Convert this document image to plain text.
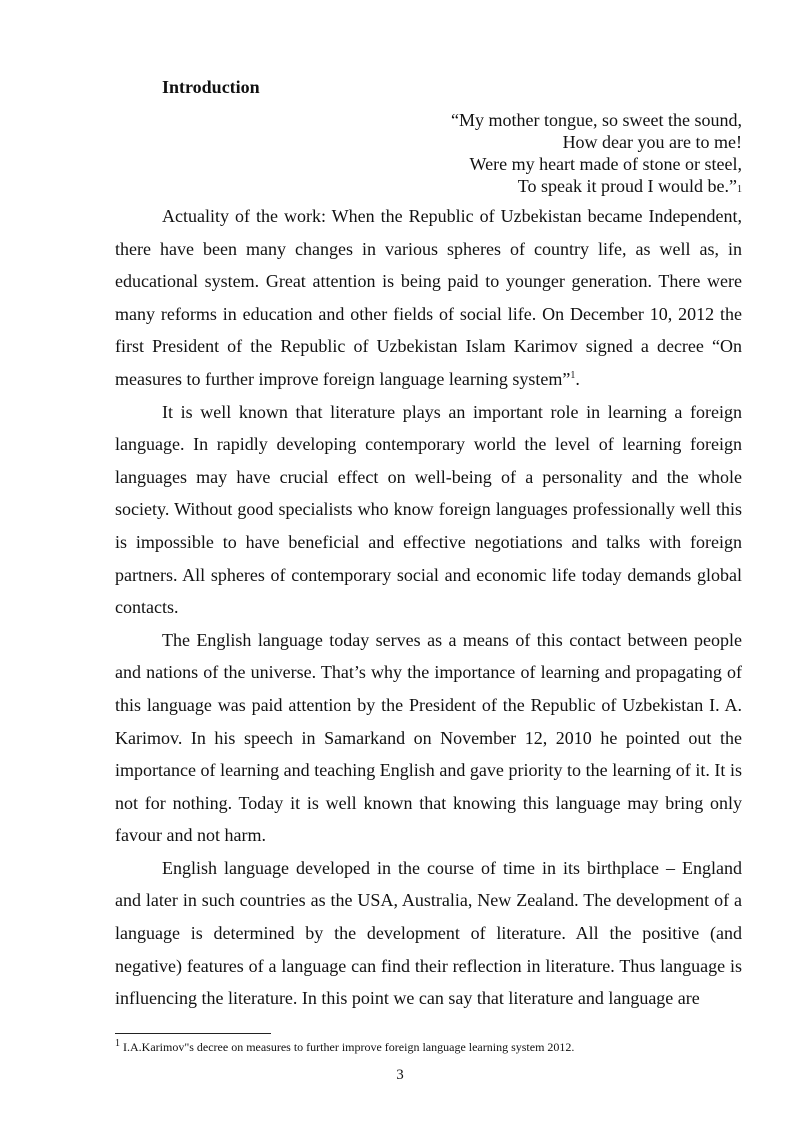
Introduction
“My mother tongue, so sweet the sound,
How dear you are to me!
Were my heart made of stone or steel,
To speak it proud I would be.”1

Actuality of the work: When the Republic of Uzbekistan became Independent, there have been many changes in various spheres of country life, as well as, in educational system. Great attention is being paid to younger generation. There were many reforms in education and other fields of social life. On December 10, 2012 the first President of the Republic of Uzbekistan Islam Karimov signed a decree “On measures to further improve foreign language learning system”$^1$.

It is well known that literature plays an important role in learning a foreign language. In rapidly developing contemporary world the level of learning foreign languages may have crucial effect on well-being of a personality and the whole society. Without good specialists who know foreign languages professionally well this is impossible to have beneficial and effective negotiations and talks with foreign partners. All spheres of contemporary social and economic life today demands global contacts.

The English language today serves as a means of this contact between people and nations of the universe. That’s why the importance of learning and propagating of this language was paid attention by the President of the Republic of Uzbekistan I. A. Karimov. In his speech in Samarkand on November 12, 2010 he pointed out the importance of learning and teaching English and gave priority to the learning of it. It is not for nothing. Today it is well known that knowing this language may bring only favour and not harm.

English language developed in the course of time in its birthplace – England and later in such countries as the USA, Australia, New Zealand. The development of a language is determined by the development of literature. All the positive (and negative) features of a language can find their reflection in literature. Thus language is influencing the literature. In this point we can say that literature and language are

$^1$ I.A.Karimov"s decree on measures to further improve foreign language learning system 2012.
3
